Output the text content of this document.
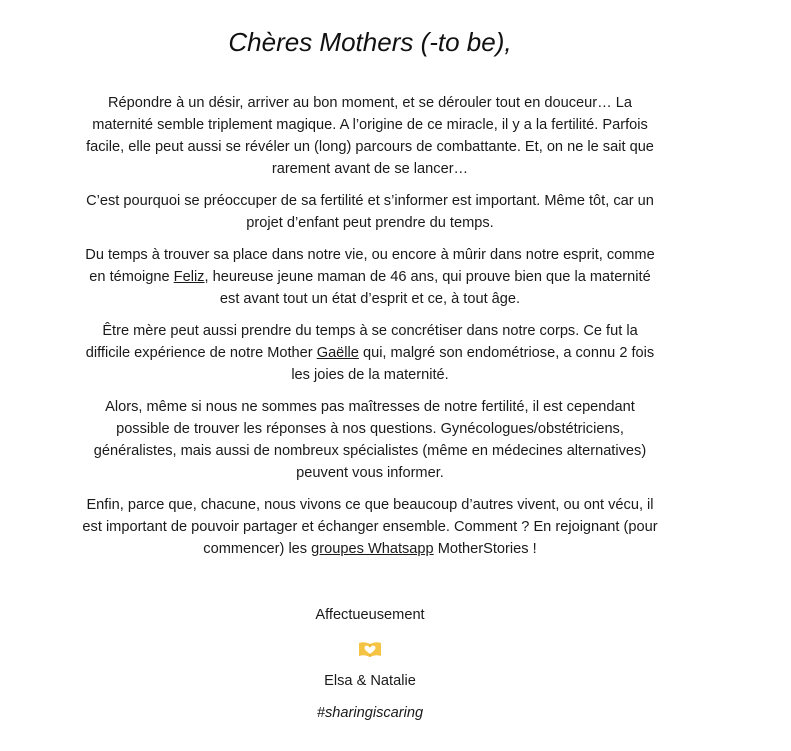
Chères Mothers (-to be),

Répondre à un désir, arriver au bon moment, et se dérouler tout en douceur… La maternité semble triplement magique. A l’origine de ce miracle, il y a la fertilité. Parfois facile, elle peut aussi se révéler un (long) parcours de combattante. Et, on ne le sait que rarement avant de se lancer…

C’est pourquoi se préoccuper de sa fertilité et s’informer est important. Même tôt, car un projet d’enfant peut prendre du temps.

Du temps à trouver sa place dans notre vie, ou encore à mûrir dans notre esprit, comme en témoigne Feliz, heureuse jeune maman de 46 ans, qui prouve bien que la maternité est avant tout un état d’esprit et ce, à tout âge.

Être mère peut aussi prendre du temps à se concrétiser dans notre corps. Ce fut la difficile expérience de notre Mother Gaëlle qui, malgré son endométriose, a connu 2 fois les joies de la maternité.

Alors, même si nous ne sommes pas maîtresses de notre fertilité, il est cependant possible de trouver les réponses à nos questions. Gynécologues/obstétriciens, généralistes, mais aussi de nombreux spécialistes (même en médecines alternatives) peuvent vous informer.

Enfin, parce que, chacune, nous vivons ce que beaucoup d’autres vivent, ou ont vécu, il est important de pouvoir partager et échanger ensemble. Comment ? En rejoignant (pour commencer) les groupes Whatsapp MotherStories !

Affectueusement
Elsa & Natalie
#sharingiscaring
